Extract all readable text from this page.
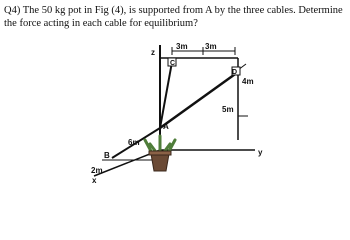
Q4) The 50 kg pot in Fig (4), is supported from A by the three cables. Determine the force acting in each cable for equilibrium?
z
3m 3m
C
D
4m
5m
A
y
6m
B
2m
x
